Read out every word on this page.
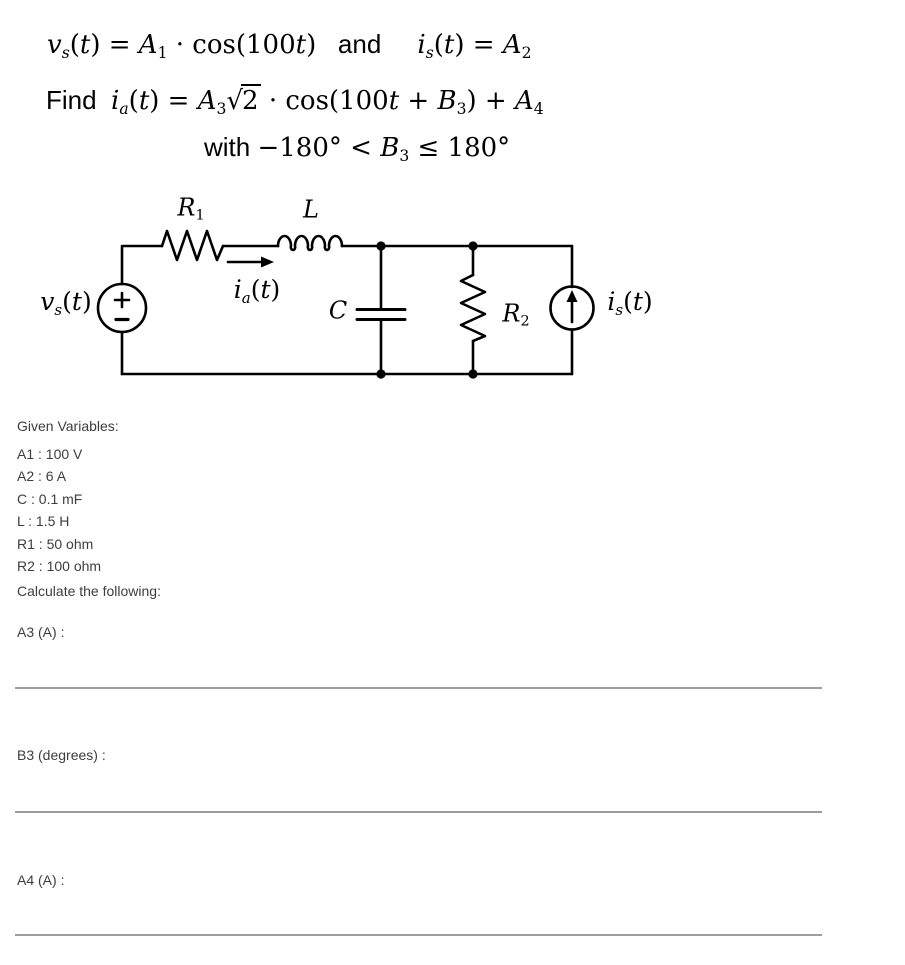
vs(t) = A1 · cos(100t)   and     is(t) = A2
Find  ia(t) = A3√2 · cos(100t + B3) + A4
with −180° < B3 ≤ 180°
R1	L
ia(t)
vs(t)	C	R2
is(t)
Given Variables:
A1 : 100 V
A2 : 6 A
C : 0.1 mF
L : 1.5 H
R1 : 50 ohm
R2 : 100 ohm
Calculate the following:
A3 (A) :
B3 (degrees) :
A4 (A) :
